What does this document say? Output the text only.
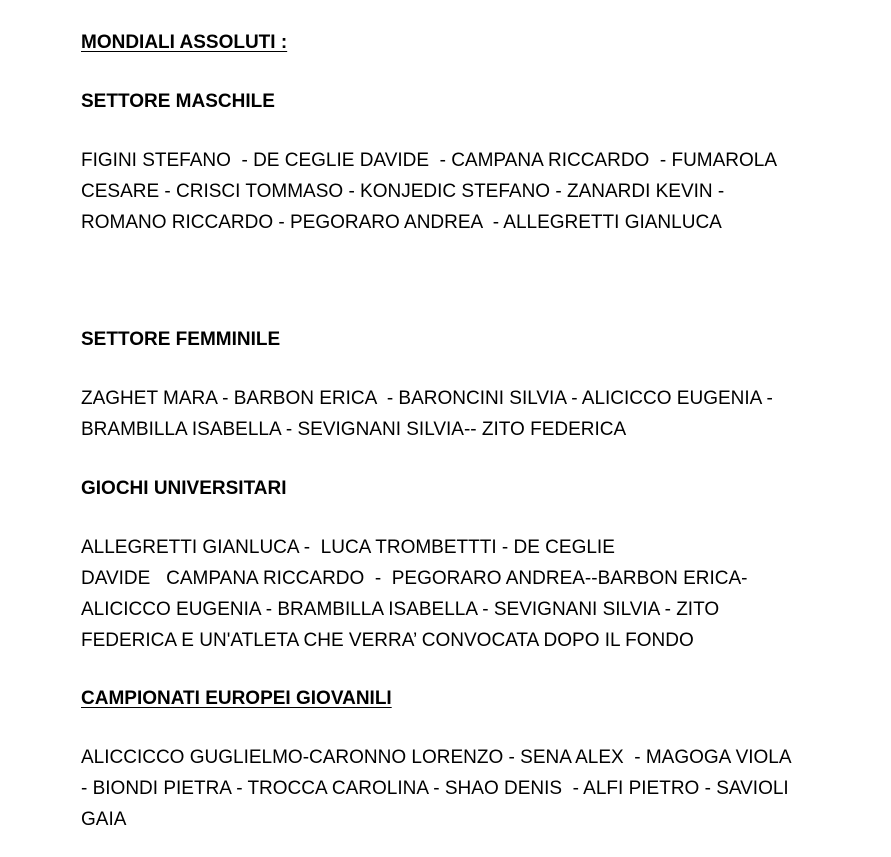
MONDIALI ASSOLUTI :
SETTORE MASCHILE
FIGINI STEFANO  - DE CEGLIE DAVIDE  - CAMPANA RICCARDO  - FUMAROLA
CESARE - CRISCI TOMMASO - KONJEDIC STEFANO - ZANARDI KEVIN -
ROMANO RICCARDO - PEGORARO ANDREA  - ALLEGRETTI GIANLUCA
SETTORE FEMMINILE
ZAGHET MARA - BARBON ERICA  - BARONCINI SILVIA - ALICICCO EUGENIA -
BRAMBILLA ISABELLA - SEVIGNANI SILVIA-- ZITO FEDERICA
GIOCHI UNIVERSITARI
ALLEGRETTI GIANLUCA -  LUCA TROMBETTTI - DE CEGLIE
DAVIDE   CAMPANA RICCARDO  -  PEGORARO ANDREA--BARBON ERICA-
ALICICCO EUGENIA - BRAMBILLA ISABELLA - SEVIGNANI SILVIA - ZITO
FEDERICA E UN'ATLETA CHE VERRA’ CONVOCATA DOPO IL FONDO
CAMPIONATI EUROPEI GIOVANILI
ALICCICCO GUGLIELMO-CARONNO LORENZO - SENA ALEX  - MAGOGA VIOLA
- BIONDI PIETRA - TROCCA CAROLINA - SHAO DENIS  - ALFI PIETRO - SAVIOLI
GAIA
